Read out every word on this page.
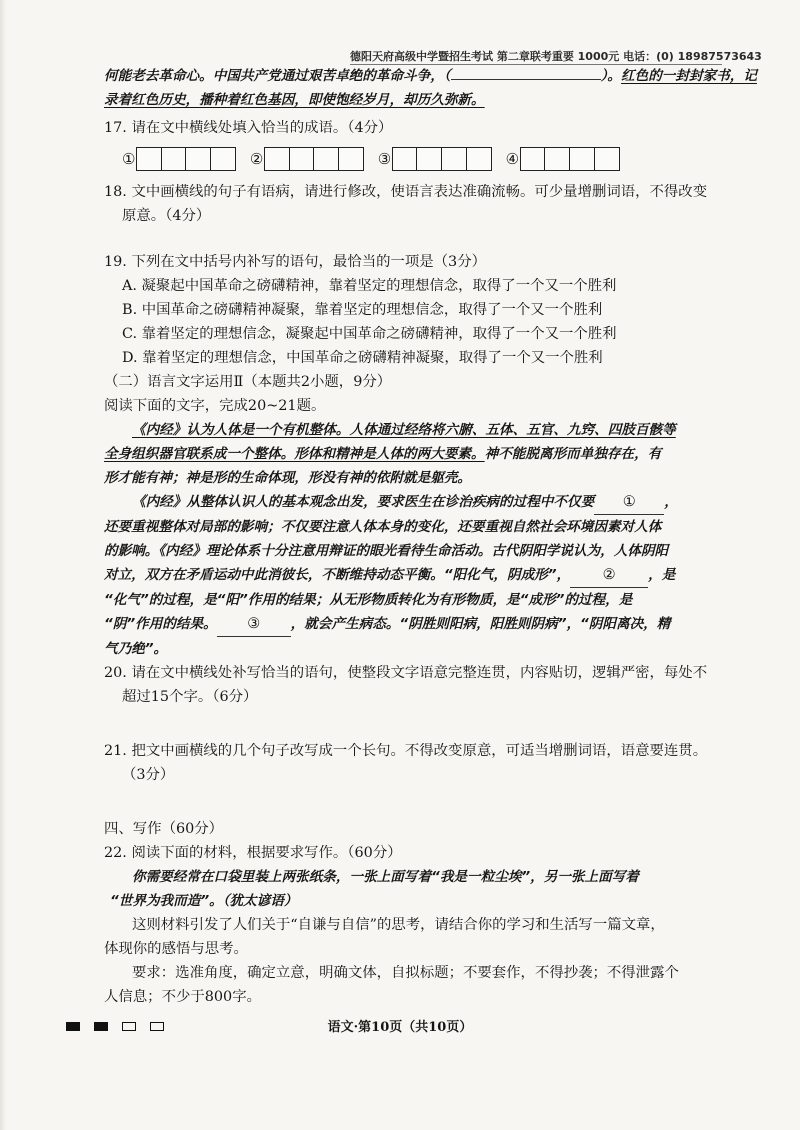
德阳天府高级中学暨招生考试 第二章联考重要 1000元 电话：(0) 18987573643
何能老去革命心。中国共产党通过艰苦卓绝的革命斗争，（	）。红色的一封封家书，记
录着红色历史，播种着红色基因，即使饱经岁月，却历久弥新。
17. 请在文中横线处填入恰当的成语。（4分）
①	②	③	④
18. 文中画横线的句子有语病，请进行修改，使语言表达准确流畅。可少量增删词语，不得改变
原意。（4分）
19. 下列在文中括号内补写的语句，最恰当的一项是（3分）
A. 凝聚起中国革命之磅礴精神，靠着坚定的理想信念，取得了一个又一个胜利
B. 中国革命之磅礴精神凝聚，靠着坚定的理想信念，取得了一个又一个胜利
C. 靠着坚定的理想信念，凝聚起中国革命之磅礴精神，取得了一个又一个胜利
D. 靠着坚定的理想信念，中国革命之磅礴精神凝聚，取得了一个又一个胜利
（二）语言文字运用Ⅱ（本题共2小题，9分）
阅读下面的文字，完成20~21题。
《内经》认为人体是一个有机整体。人体通过经络将六腑、五体、五官、九窍、四肢百骸等
全身组织器官联系成一个整体。形体和精神是人体的两大要素。神不能脱离形而单独存在，有
形才能有神；神是形的生命体现，形没有神的依附就是躯壳。
《内经》从整体认识人的基本观念出发，要求医生在诊治疾病的过程中不仅要 ① ，
还要重视整体对局部的影响；不仅要注意人体本身的变化，还要重视自然社会环境因素对人体
的影响。《内经》理论体系十分注意用辩证的眼光看待生命活动。古代阴阳学说认为，人体阴阳
对立，双方在矛盾运动中此消彼长，不断维持动态平衡。“阳化气，阴成形”， ② ，是
“化气”的过程，是“阳”作用的结果；从无形物质转化为有形物质，是“成形”的过程，是
“阴”作用的结果。 ③ ，就会产生病态。“阴胜则阳病，阳胜则阴病”，“阴阳离决，精
气乃绝”。
20. 请在文中横线处补写恰当的语句，使整段文字语意完整连贯，内容贴切，逻辑严密，每处不
超过15个字。（6分）
21. 把文中画横线的几个句子改写成一个长句。不得改变原意，可适当增删词语，语意要连贯。
（3分）
四、写作（60分）
22. 阅读下面的材料，根据要求写作。（60分）
你需要经常在口袋里装上两张纸条，一张上面写着“我是一粒尘埃”，另一张上面写着
“世界为我而造”。（犹太谚语）
这则材料引发了人们关于“自谦与自信”的思考，请结合你的学习和生活写一篇文章，
体现你的感悟与思考。
要求：选准角度，确定立意，明确文体，自拟标题；不要套作，不得抄袭；不得泄露个
人信息；不少于800字。
语文·第10页（共10页）
